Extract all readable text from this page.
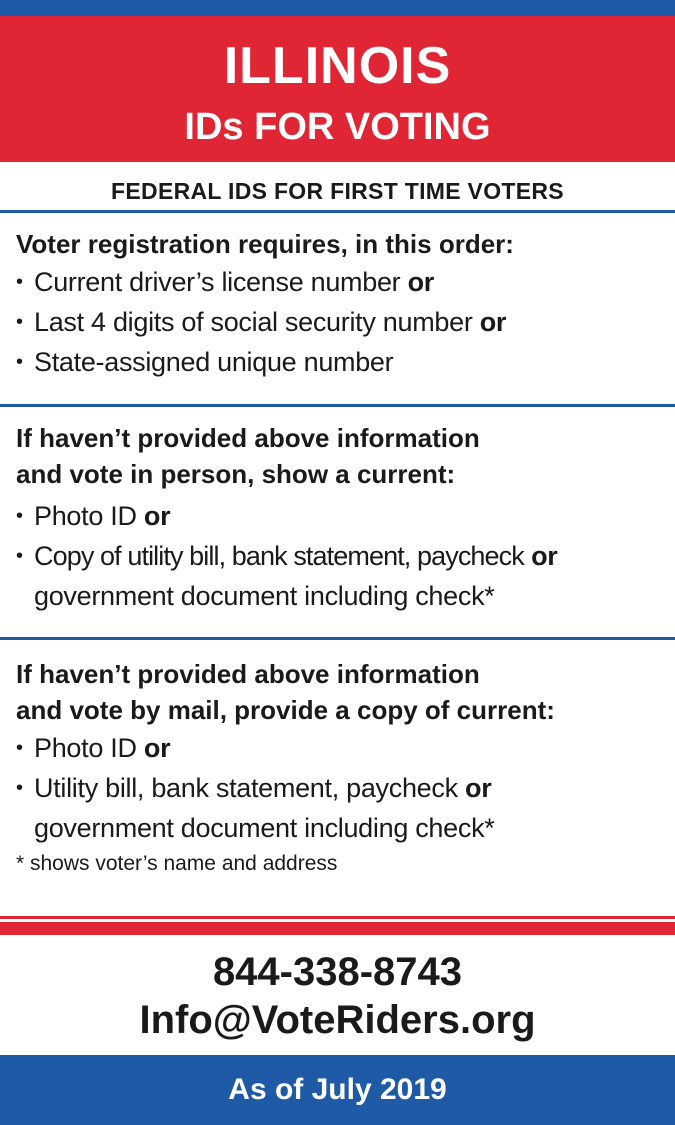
ILLINOIS
IDs FOR VOTING
FEDERAL IDS FOR FIRST TIME VOTERS

Voter registration requires, in this order:

• Current driver’s license number or
• Last 4 digits of social security number or
• State-assigned unique number

If haven’t provided above information

and vote in person, show a current:

• Photo ID or
• Copy of utility bill, bank statement, paycheck or
government document including check*

If haven’t provided above information

and vote by mail, provide a copy of current:

• Photo ID or
• Utility bill, bank statement, paycheck or
government document including check*
* shows voter’s name and address
844-338-8743
Info@VoteRiders.org
As of July 2019
